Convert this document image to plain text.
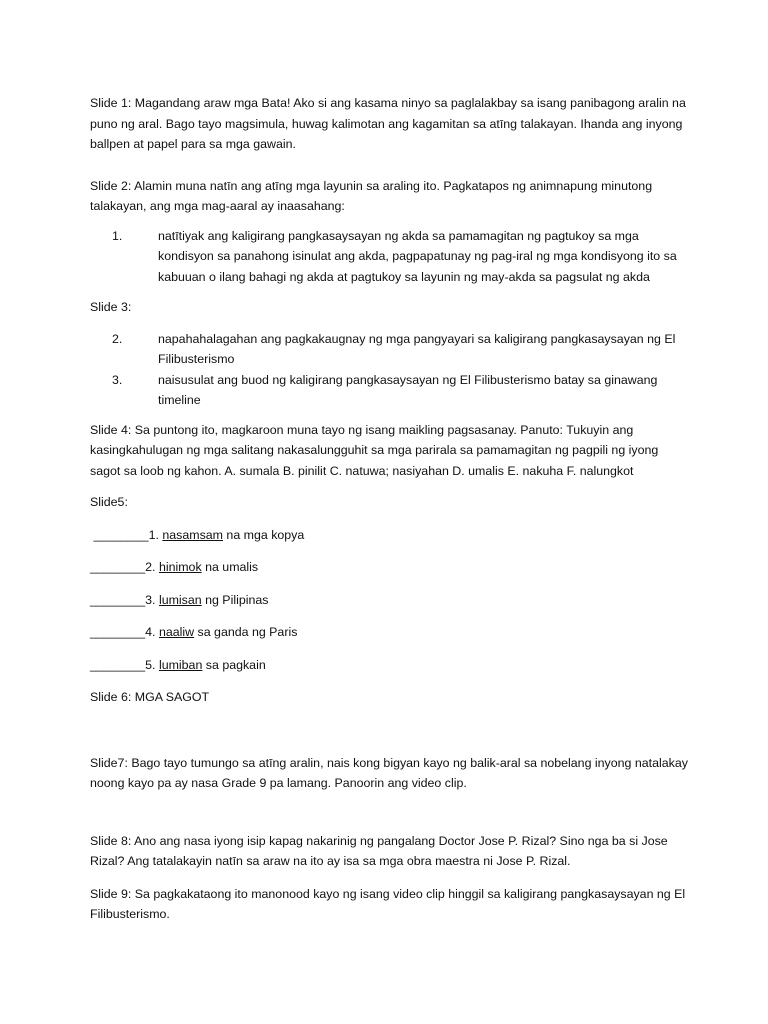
Slide 1: Magandang araw mga Bata! Ako si ang kasama ninyo sa paglalakbay sa isang panibagong aralin na puno ng aral. Bago tayo magsimula, huwag kalimotan ang kagamitan sa atīng talakayan. Ihanda ang inyong ballpen at papel para sa mga gawain.

Slide 2: Alamin muna natīn ang atīng mga layunin sa araling ito. Pagkatapos ng animnapung minutong talakayan, ang mga mag-aaral ay inaasahang:

1.	natītiyak ang kaligirang pangkasaysayan ng akda sa pamamagitan ng pagtukoy sa mga kondisyon sa panahong isinulat ang akda, pagpapatunay ng pag-iral ng mga kondisyong ito sa kabuuan o ilang bahagi ng akda at pagtukoy sa layunin ng may-akda sa pagsulat ng akda

Slide 3:

2.	napahahalagahan ang pagkakaugnay ng mga pangyayari sa kaligirang pangkasaysayan ng El Filibusterismo
3.	naisusulat ang buod ng kaligirang pangkasaysayan ng El Filibusterismo batay sa ginawang timeline

Slide 4: Sa puntong ito, magkaroon muna tayo ng isang maikling pagsasanay. Panuto: Tukuyin ang kasingkahulugan ng mga salitang nakasalungguhit sa mga parirala sa pamamagitan ng pagpili ng iyong sagot sa loob ng kahon. A. sumala B. pinilit C. natuwa; nasiyahan D. umalis E. nakuha F. nalungkot

Slide5:

________1. nasamsam na mga kopya
________2. hinimok na umalis
________3. lumisan ng Pilipinas
________4. naaliw sa ganda ng Paris
________5. lumiban sa pagkain

Slide 6: MGA SAGOT

Slide7: Bago tayo tumungo sa atīng aralin, nais kong bigyan kayo ng balik-aral sa nobelang inyong natalakay noong kayo pa ay nasa Grade 9 pa lamang. Panoorin ang video clip.

Slide 8: Ano ang nasa iyong isip kapag nakarinig ng pangalang Doctor Jose P. Rizal? Sino nga ba si Jose Rizal? Ang tatalakayin natīn sa araw na ito ay isa sa mga obra maestra ni Jose P. Rizal.

Slide 9: Sa pagkakataong ito manonood kayo ng isang video clip hinggil sa kaligirang pangkasaysayan ng El Filibusterismo.
